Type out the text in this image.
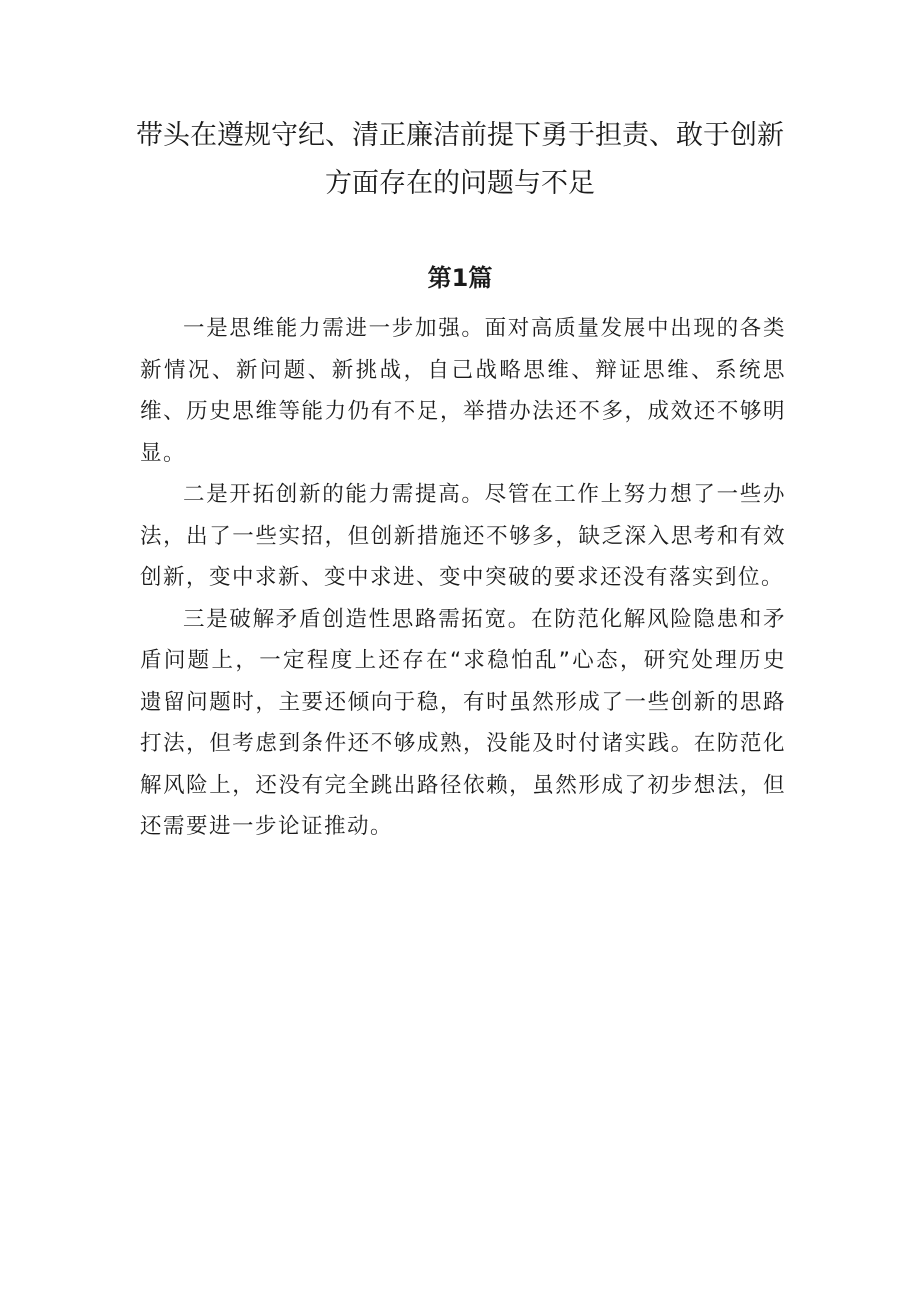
带头在遵规守纪、清正廉洁前提下勇于担责、敢于创新方面存在的问题与不足
第1篇

一是思维能力需进一步加强。面对高质量发展中出现的各类新情况、新问题、新挑战，自己战略思维、辩证思维、系统思维、历史思维等能力仍有不足，举措办法还不多，成效还不够明显。

二是开拓创新的能力需提高。尽管在工作上努力想了一些办法，出了一些实招，但创新措施还不够多，缺乏深入思考和有效创新，变中求新、变中求进、变中突破的要求还没有落实到位。

三是破解矛盾创造性思路需拓宽。在防范化解风险隐患和矛盾问题上，一定程度上还存在“求稳怕乱”心态，研究处理历史遗留问题时，主要还倾向于稳，有时虽然形成了一些创新的思路打法，但考虑到条件还不够成熟，没能及时付诸实践。在防范化解风险上，还没有完全跳出路径依赖，虽然形成了初步想法，但还需要进一步论证推动。
